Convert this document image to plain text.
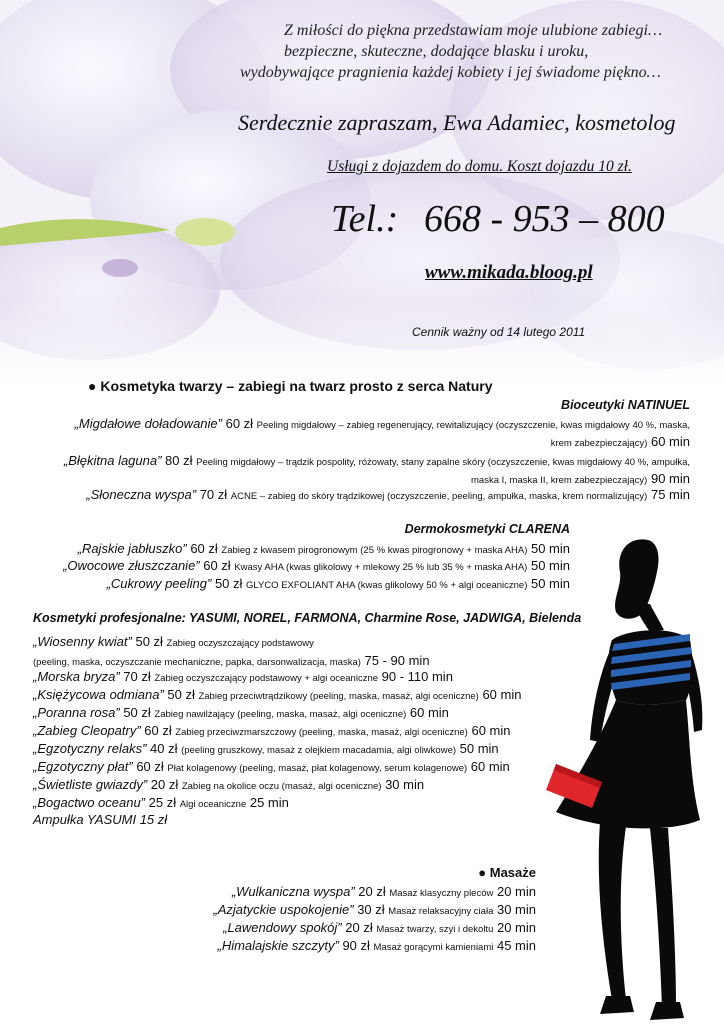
Z miłości do piękna przedstawiam moje ulubione zabiegi…
bezpieczne, skuteczne, dodające blasku i uroku,
wydobywające pragnienia każdej kobiety i jej świadome piękno…
Serdecznie zapraszam, Ewa Adamiec, kosmetolog
Usługi z dojazdem do domu. Koszt dojazdu 10 zł.
Tel.: 668 - 953 – 800
www.mikada.bloog.pl
Cennik ważny od 14 lutego 2011
● Kosmetyka twarzy – zabiegi na twarz prosto z serca Natury
Bioceutyki NATINUEL
„Migdałowe doładowanie” 60 zł Peeling migdałowy – zabieg regenerujący, rewitalizujący (oczyszczenie, kwas migdałowy 40 %, maska,
krem zabezpieczający) 60 min
„Błękitna laguna” 80 zł Peeling migdałowy – trądzik pospolity, różowaty, stany zapalne skóry (oczyszczenie, kwas migdałowy 40 %, ampułka,
maska I, maska II, krem zabezpieczający) 90 min
„Słoneczna wyspa” 70 zł ACNE – zabieg do skóry trądzikowej (oczyszczenie, peeling, ampułka, maska, krem normalizujący) 75 min
Dermokosmetyki CLARENA
„Rajskie jabłuszko” 60 zł Zabieg z kwasem pirogronowym (25 % kwas pirogronowy + maska AHA) 50 min
„Owocowe złuszczanie” 60 zł Kwasy AHA (kwas glikolowy + mlekowy 25 % lub 35 % + maska AHA) 50 min
„Cukrowy peeling” 50 zł GLYCO EXFOLIANT AHA (kwas glikolowy 50 % + algi oceaniczne) 50 min
Kosmetyki profesjonalne: YASUMI, NOREL, FARMONA, Charmine Rose, JADWIGA, Bielenda
„Wiosenny kwiat” 50 zł Zabieg oczyszczający podstawowy
(peeling, maska, oczyszczanie mechaniczne, papka, darsonwalizacja, maska) 75 - 90 min
„Morska bryza” 70 zł Zabieg oczyszczający podstawowy + algi oceaniczne 90 - 110 min
„Księżycowa odmiana” 50 zł Zabieg przeciwtrądzikowy (peeling, maska, masaż, algi oceniczne) 60 min
„Poranna rosa” 50 zł Zabieg nawilżający (peeling, maska, masaż, algi oceniczne) 60 min
„Zabieg Cleopatry” 60 zł Zabieg przeciwzmarszczowy (peeling, maska, masaż, algi oceniczne) 60 min
„Egzotyczny relaks” 40 zł (peeling gruszkowy, masaż z olejkiem macadamia, algi oliwkowe) 50 min
„Egzotyczny płat” 60 zł Płat kolagenowy (peeling, masaż, płat kolagenowy, serum kolagenowe) 60 min
„Świetliste gwiazdy” 20 zł Zabieg na okolice oczu (masaż, algi oceniczne) 30 min
„Bogactwo oceanu” 25 zł Algi oceaniczne 25 min
Ampułka YASUMI 15 zł
● Masaże
„Wulkaniczna wyspa” 20 zł Masaż klasyczny pleców 20 min
„Azjatyckie uspokojenie” 30 zł Masaż relaksacyjny ciała 30 min
„Lawendowy spokój” 20 zł Masaż twarzy, szyi i dekoltu 20 min
„Himalajskie szczyty” 90 zł Masaż gorącymi kamieniami 45 min
